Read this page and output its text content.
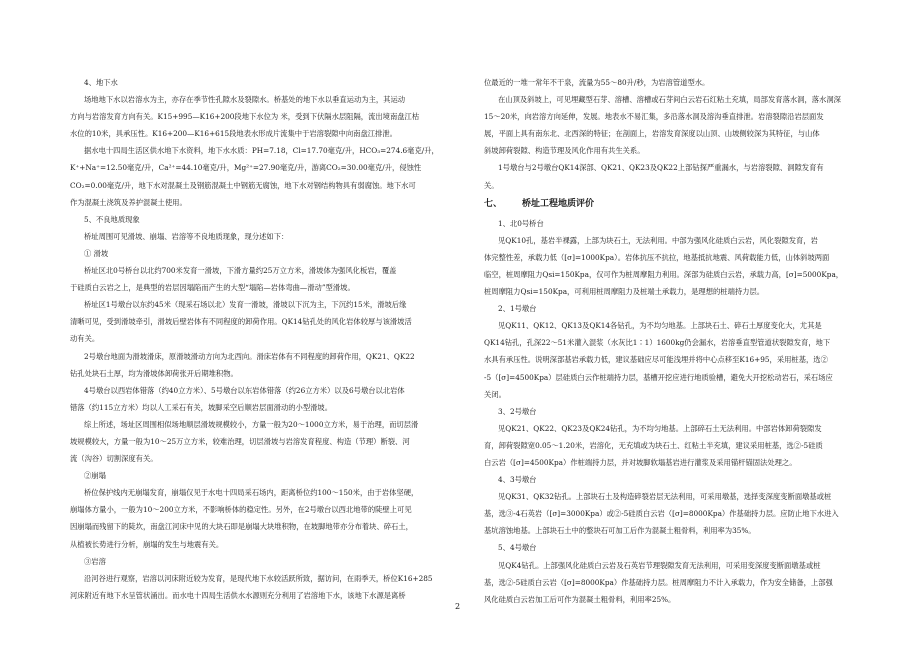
4、地下水

场地地下水以岩溶水为主，亦存在季节性孔隙水及裂隙水。桥基处的地下水以垂直运动为主，其运动

方向与岩溶发育方向有关。K15+995—K16+200段地下水位为 米，受到下伏隔水层阻隔，流出境南盘江枯

水位的10米，具承压性。K16+200—K16+615段地表水形成片流集中于岩溶裂隙中向南盘江排泄。

据水电十四局生活区供水地下水资料，地下水水质：PH=7.18，Cl=17.70毫克/升，HCO₃=274.6毫克/升，

K⁺+Na⁺=12.50毫克/升，Ca²⁺=44.10毫克/升，Mg²⁺=27.90毫克/升，游离CO₂=30.00毫克/升，侵蚀性

CO₂=0.00毫克/升，地下水对混凝土及钢筋混凝土中钢筋无腐蚀，地下水对钢结构物具有弱腐蚀。地下水可

作为混凝土浇筑及养护混凝土使用。

5、不良地质现象

桥址周围可见滑坡、崩塌、岩溶等不良地质现象，现分述如下：

① 滑坡

桥址区北0号桥台以北约700米发育一滑坡，下滑方量约25万立方米，滑坡体为强风化板岩，覆盖

于硅质白云岩之上，是典型的岩层因塌陷而产生的大型“塌陷—岩体弯曲—滑动”型滑坡。

桥址区1号墩台以东约45米（现采石场以北）发育一滑坡，滑坡以下沉为主，下沉约15米，滑坡后缘

清晰可见，受到滑坡牵引，滑坡后壁岩体有不同程度的卸荷作用。QK14钻孔处的风化岩体较厚与该滑坡活

动有关。

2号墩台地面为滑坡滑床，原滑坡滑动方向为北西向。滑床岩体有不同程度的卸荷作用，QK21、QK22

钻孔处块石土厚，均为滑坡体卸荷张开后期堆积物。

4号墩台以西岩体错落（约40立方米）、5号墩台以东岩体错落（约26立方米）以及6号墩台以北岩体

错落（约115立方米）均以人工采石有关，坡脚采空后顺岩层面滑动的小型滑坡。

综上所述，场址区周围相似场地顺层滑坡规模较小，方量一般为20～1000立方米，易于治理，而切层滑

坡规模较大，方量一般为10～25万立方米，较难治理，切层滑坡与岩溶发育程度、构造（节理）断裂、河

流（沟谷）切割深度有关。

②崩塌

桥位保护线内无崩塌发育，崩塌仅见于水电十四局采石场内，距离桥位约100～150米，由于岩体坚硬，

崩塌体方量小，一般为10～200立方米，不影响桥体的稳定性。另外，在2号墩台以西北地带的陡壁上可见

因崩塌而残留下的陡坎，南盘江河床中见的大块石即是崩塌大块堆积物，在坡脚地带亦分布着块、碎石土，

从植被长势进行分析，崩塌的发生与地震有关。

③岩溶

沿河谷进行观察，岩溶以河床附近较为发育，是现代地下水较活跃所致，据访问，在雨季天，桥位K16+285

河床附近有地下水呈管状涌出。而水电十四局生活供水水源则充分利用了岩溶地下水，该地下水源是离桥

位最近的一堆一常年不干泉，流量为55～80升/秒，为岩溶管道型水。

在山顶及斜坡上，可见埋藏型石芽、溶槽、溶槽或石芽间白云岩石红粘土充填，局部发育落水洞，落水洞深

15～20米，向岩溶方向延伸，发展。地表水不易汇集，多沿落水洞及溶沟垂直排泄。岩溶裂隙沿岩层面发

展，平面上具有南东北、北西深的特征；在剖面上，岩溶发育深度以山顶、山坡侧较深为其特征，与山体

斜坡卸荷裂隙、构造节理及风化作用有共生关系。

1号墩台与2号墩台QK14深部、QK21、QK23及QK22上部钻探严重漏水，与岩溶裂隙、洞隙发育有

关。

七、 桥址工程地质评价

1、北0号桥台

见QK10孔，基岩半裸露，上部为块石土，无法利用。中部为强风化硅质白云岩，风化裂隙发育，岩

体完整性差，承载力低（[σ]=1000Kpa）。岩体抗压不抗拉，地基抵抗地震、风荷载能力低，山体斜坡两面

临空，桩周摩阻力Qsi=150Kpa，仅可作为桩周摩阻力利用。深部为硅质白云岩，承载力高，[σ]=5000Kpa，

桩周摩阻力Qsi=150Kpa，可利用桩周摩阻力及桩端土承载力，是理想的桩端持力层。

2、1号墩台

见QK11、QK12、QK13及QK14各钻孔，为不均匀地基。上部块石土、碎石土厚度变化大，尤其是

QK14钻孔，孔深22～51米灌入混浆（水灰比1∶1）1600kg仍会漏水，岩溶垂直型管道状裂隙发育，地下

水具有承压性。说明深部基岩承载力低，建议基础应尽可能浅埋并将中心点移至K16+95，采用桩基，选②

-5（[σ]=4500Kpa）层硅质白云作桩端持力层，基槽开挖应进行地质验槽，避免大开挖松动岩石，采石场应

关闭。

3、2号墩台

见QK21、QK22、QK23及QK24钻孔，为不均匀地基。上部碎石土无法利用。中部岩体卸荷裂隙发

育，卸荷裂隙宽0.05～1.20米，岩溶化，无充填或为块石土、红粘土半充填，建议采用桩基，选②-5硅质

白云岩（[σ]=4500Kpa）作桩端持力层，并对坡脚软塌基岩进行灌浆及采用锚杆锚固法处理之。

4、3号墩台

见QK31、QK32钻孔。上部块石土及构造碎裂岩层无法利用，可采用墩基，选择变深度变断面墩基或桩

基，选③-4石英岩（[σ]=3000Kpa）或②-5硅质白云岩（[σ]=8000Kpa）作基础持力层。应防止地下水进入

基坑溶蚀地基。上部块石土中的整块石可加工后作为混凝土粗骨料，利用率为35%。

5、4号墩台

见QK4钻孔。上部强风化硅质白云岩及石英岩节理裂隙发育无法利用，可采用变深度变断面墩基或桩

基，选②-5硅质白云岩（[σ]=8000Kpa）作基础持力层。桩周摩阻力不计入承载力，作为安全储备，上部强

风化硅质白云岩加工后可作为混凝土粗骨料，利用率25%。

2
